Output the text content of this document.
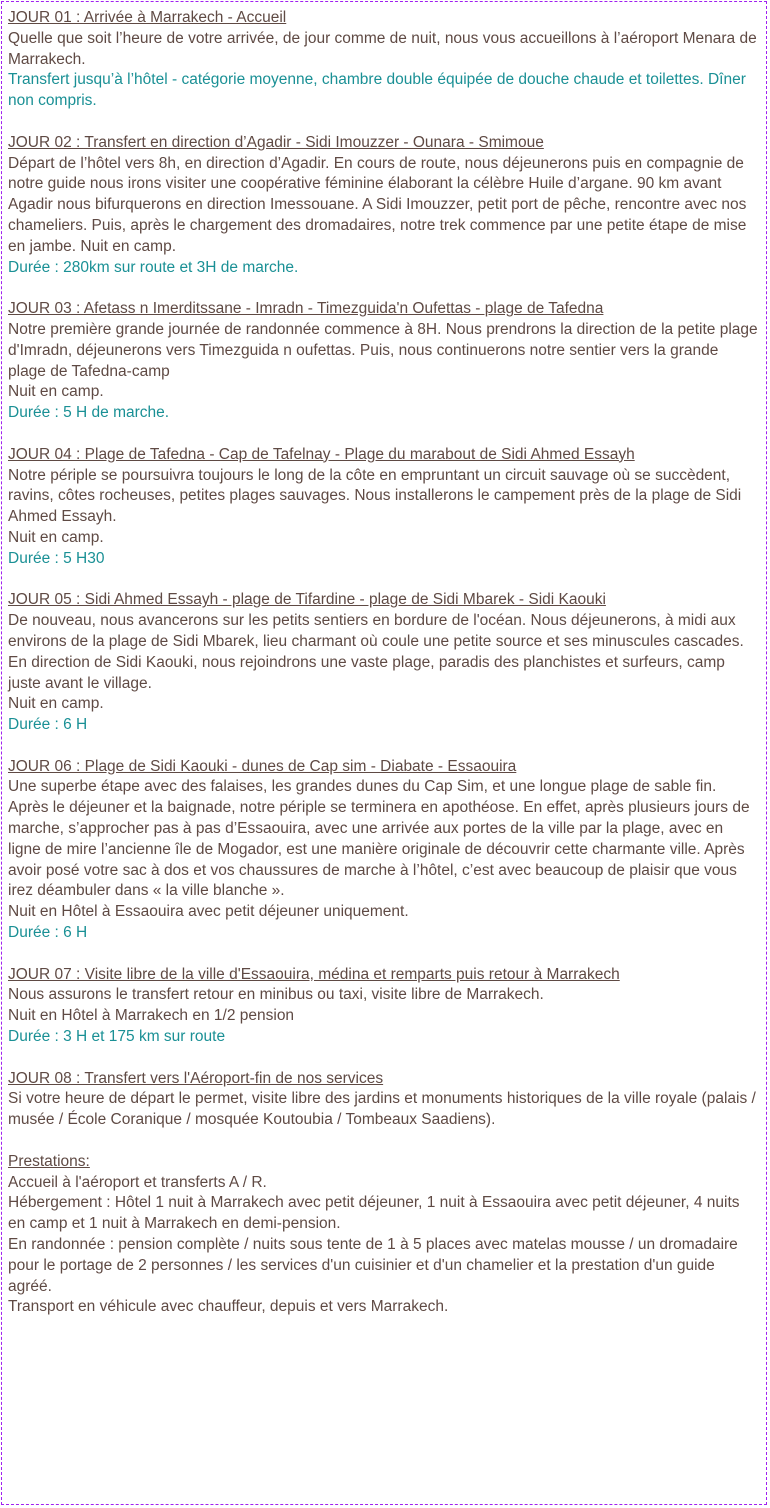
JOUR 01 : Arrivée à Marrakech - Accueil

Quelle que soit l’heure de votre arrivée, de jour comme de nuit, nous vous accueillons à l’aéroport Menara de Marrakech.

Transfert jusqu’à l’hôtel - catégorie moyenne, chambre double équipée de douche chaude et toilettes. Dîner non compris.

JOUR 02 : Transfert en direction d’Agadir - Sidi Imouzzer - Ounara - Smimoue

Départ de l’hôtel vers 8h, en direction d’Agadir. En cours de route, nous déjeunerons puis en compagnie de notre guide nous irons visiter une coopérative féminine élaborant la célèbre Huile d’argane. 90 km avant Agadir nous bifurquerons en direction Imessouane. A Sidi Imouzzer, petit port de pêche, rencontre avec nos chameliers. Puis, après le chargement des dromadaires, notre trek commence par une petite étape de mise en jambe. Nuit en camp.

Durée : 280km sur route et 3H de marche.

JOUR 03 : Afetass n Imerditssane - Imradn - Timezguida'n Oufettas - plage de Tafedna

Notre première grande journée de randonnée commence à 8H. Nous prendrons la direction de la petite plage d'Imradn, déjeunerons vers Timezguida n oufettas. Puis, nous continuerons notre sentier vers la grande plage de Tafedna-camp

Nuit en camp.

Durée : 5 H de marche.

JOUR 04 : Plage de Tafedna - Cap de Tafelnay - Plage du marabout de Sidi Ahmed Essayh

Notre périple se poursuivra toujours le long de la côte en empruntant un circuit sauvage où se succèdent, ravins, côtes rocheuses, petites plages sauvages. Nous installerons le campement près de la plage de Sidi Ahmed Essayh.

Nuit en camp.

Durée : 5 H30

JOUR 05 : Sidi Ahmed Essayh - plage de Tifardine - plage de Sidi Mbarek - Sidi Kaouki

De nouveau, nous avancerons sur les petits sentiers en bordure de l'océan. Nous déjeunerons, à midi aux environs de la plage de Sidi Mbarek, lieu charmant où coule une petite source et ses minuscules cascades. En direction de Sidi Kaouki, nous rejoindrons une vaste plage, paradis des planchistes et surfeurs, camp juste avant le village.

Nuit en camp.

Durée : 6 H

JOUR 06 : Plage de Sidi Kaouki - dunes de Cap sim - Diabate - Essaouira

Une superbe étape avec des falaises, les grandes dunes du Cap Sim, et une longue plage de sable fin. Après le déjeuner et la baignade, notre périple se terminera en apothéose. En effet, après plusieurs jours de marche, s’approcher pas à pas d’Essaouira, avec une arrivée aux portes de la ville par la plage, avec en ligne de mire l’ancienne île de Mogador, est une manière originale de découvrir cette charmante ville. Après avoir posé votre sac à dos et vos chaussures de marche à l’hôtel, c’est avec beaucoup de plaisir que vous irez déambuler dans « la ville blanche ».

Nuit en Hôtel à Essaouira avec petit déjeuner uniquement.

Durée : 6 H

JOUR 07 : Visite libre de la ville d'Essaouira, médina et remparts puis retour à Marrakech

Nous assurons le transfert retour en minibus ou taxi, visite libre de Marrakech.

Nuit en Hôtel à Marrakech en 1/2 pension

Durée : 3 H et 175 km sur route

JOUR 08 : Transfert vers l'Aéroport-fin de nos services

Si votre heure de départ le permet, visite libre des jardins et monuments historiques de la ville royale (palais / musée / École Coranique / mosquée Koutoubia / Tombeaux Saadiens).

Prestations:

Accueil à l'aéroport et transferts A / R.

Hébergement : Hôtel 1 nuit à Marrakech avec petit déjeuner, 1 nuit à Essaouira avec petit déjeuner, 4 nuits en camp et 1 nuit à Marrakech en demi-pension.

En randonnée : pension complète / nuits sous tente de 1 à 5 places avec matelas mousse / un dromadaire pour le portage de 2 personnes / les services d'un cuisinier et d'un chamelier et la prestation d'un guide agréé.

Transport en véhicule avec chauffeur, depuis et vers Marrakech.
